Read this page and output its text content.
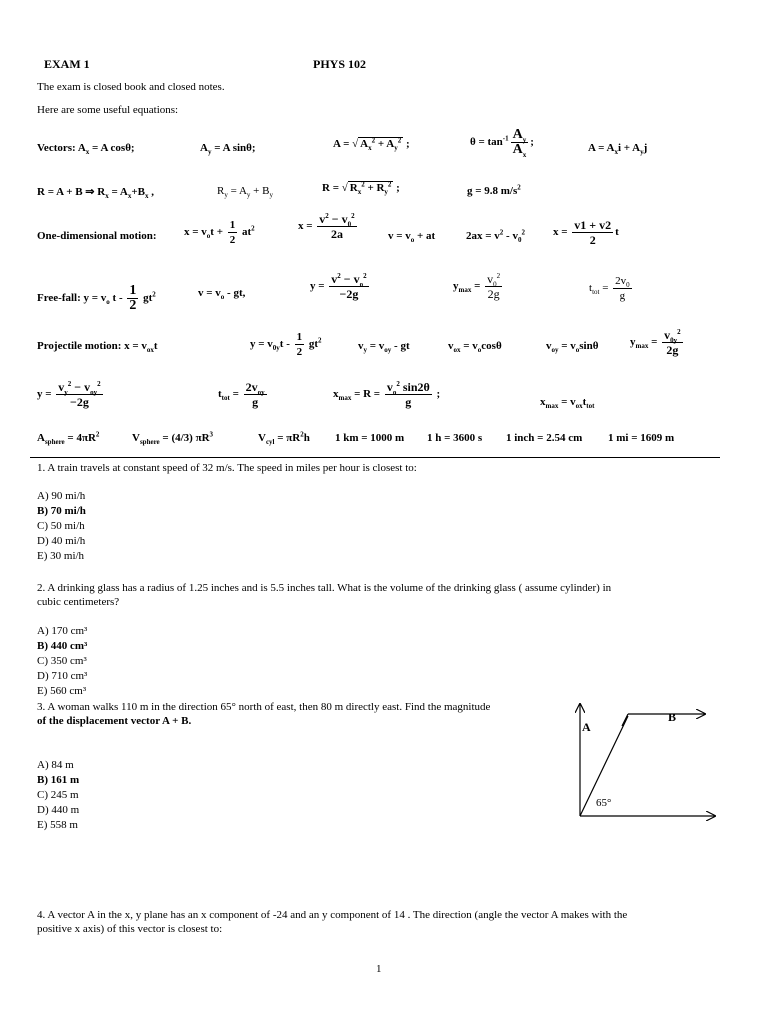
EXAM 1	PHYS 102
The exam is closed book and closed notes.
Here are some useful equations:
Vectors: $A_x = A$ cosθ;	$A_y = A$ sinθ;	A = √ $A_x^2 + A_y^2$ ;	$\theta = \tan^{-1} \frac{A_y}{A_x}$ ;	$A = A_xi + A_yj$
R = A + B ⇒ $R_x = A_x+B_x$ ,	$R_y = A_y + B_y$
R = √ $R_x^2 + R_y^2$ ;	g = 9.8 $m/s^2$
One-dimensional motion:	$x = v_ot + \frac{1}{2} at^2$	$x = \frac{v^2 - v_0^2}{2a}$	$v = v_o$ + at	$2ax = v^2 - v_0^2$	$x = \frac{v1 + v2}{2}$ t
Free-fall: $y = v_o$ t - $\frac{1}{2} gt^2$	$v = v_o$ - gt,
$y = \frac{v^2 - v_o^2}{-2g}$	$y_{max} = \frac{v_0^2}{2g}$	$t_{tot} = \frac{2v_0}{g}$
Projectile motion: $x = v_{ox}t$	$y = v_{0y}t - \frac{1}{2} gt^2$	$v_y = v_{oy}$ - gt	$v_{ox} = v_o\cos\theta$	$v_{oy} = v_o\sin\theta$	$y_{max} = \frac{v_{0y}^2}{2g}$
$y = \frac{v_y^2 - v_{oy}^2}{-2g}$	$t_{tot} = \frac{2v_{oy}}{g}$	$x_{max} = R = \frac{v_o^2 \sin 2\theta}{g}$ ;
$x_{max} = v_{ox}t_{tot}$
$A_{sphere} = 4\pi R^2$	$V_{sphere} = (4/3)$ $\pi R^3$	$V_{cyl} = \pi R^2h$ 1 km = 1000 m 1 h = 3600 s 1 inch = 2.54 cm 1 mi = 1609 m
1. A train travels at constant speed of 32 m/s. The speed in miles per hour is closest to:
A) 90 mi/h
B) 70 mi/h
C) 50 mi/h
D) 40 mi/h
E) 30 mi/h
2. A drinking glass has a radius of 1.25 inches and is 5.5 inches tall. What is the volume of the drinking glass ( assume cylinder) in
cubic centimeters?
A) 170 cm³
B) 440 cm³
C) 350 cm³
D) 710 cm³
E) 560 cm³
3. A woman walks 110 m in the direction 65° north of east, then 80 m directly east. Find the magnitude
of the displacement vector A + B.
A) 84 m
B) 161 m
C) 245 m
D) 440 m
E) 558 m
A
B
65°
4. A vector A in the x, y plane has an x component of -24 and an y component of 14 . The direction (angle the vector A makes with the
positive x axis) of this vector is closest to:
1
